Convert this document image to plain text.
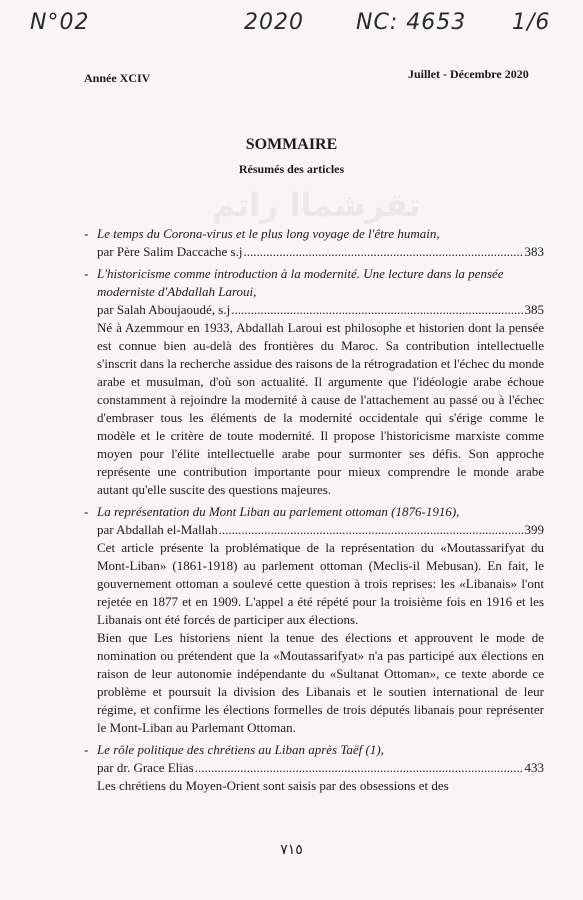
N°02	2020 NC: 4653 1/6
Année XCIV	Juillet - Décembre 2020
SOMMAIRE
Résumés des articles
تقرشماا راتم
- Le temps du Corona-virus et le plus long voyage de l'être humain,
par Père Salim Daccache s.j .....	383
- L'historicisme comme introduction à la modernité. Une lecture dans la pensée moderniste d'Abdallah Laroui,
par Salah Aboujaoudé, s.j .....	385
Né à Azemmour en 1933, Abdallah Laroui est philosophe et historien dont la pensée est connue bien au-delà des frontières du Maroc. Sa contribution intellectuelle s'inscrit dans la recherche assidue des raisons de la rétrogradation et l'échec du monde arabe et musulman, d'où son actualité. Il argumente que l'idéologie arabe échoue constamment à rejoindre la modernité à cause de l'attachement au passé ou à l'échec d'embraser tous les éléments de la modernité occidentale qui s'érige comme le modèle et le critère de toute modernité. Il propose l'historicisme marxiste comme moyen pour l'élite intellectuelle arabe pour surmonter ses défis. Son approche représente une contribution importante pour mieux comprendre le monde arabe autant qu'elle suscite des questions majeures.
- La représentation du Mont Liban au parlement ottoman (1876-1916),
par Abdallah el-Mallah .....	399
Cet article présente la problématique de la représentation du «Moutassarifyat du Mont-Liban» (1861-1918) au parlement ottoman (Meclis-il Mebusan). En fait, le gouvernement ottoman a soulevé cette question à trois reprises: les «Libanais» l'ont rejetée en 1877 et en 1909. L'appel a été répété pour la troisième fois en 1916 et les Libanais ont été forcés de participer aux élections.
Bien que Les historiens nient la tenue des élections et approuvent le mode de nomination ou prétendent que la «Moutassarifyat» n'a pas participé aux élections en raison de leur autonomie indépendante du «Sultanat Ottoman», ce texte aborde ce problème et poursuit la division des Libanais et le soutien international de leur régime, et confirme les élections formelles de trois députés libanais pour représenter le Mont-Liban au Parlemant Ottoman.
- Le rôle politique des chrétiens au Liban après Taëf (1),
par dr. Grace Elias .....	433
Les chrétiens du Moyen-Orient sont saisis par des obsessions et des
٧١٥
